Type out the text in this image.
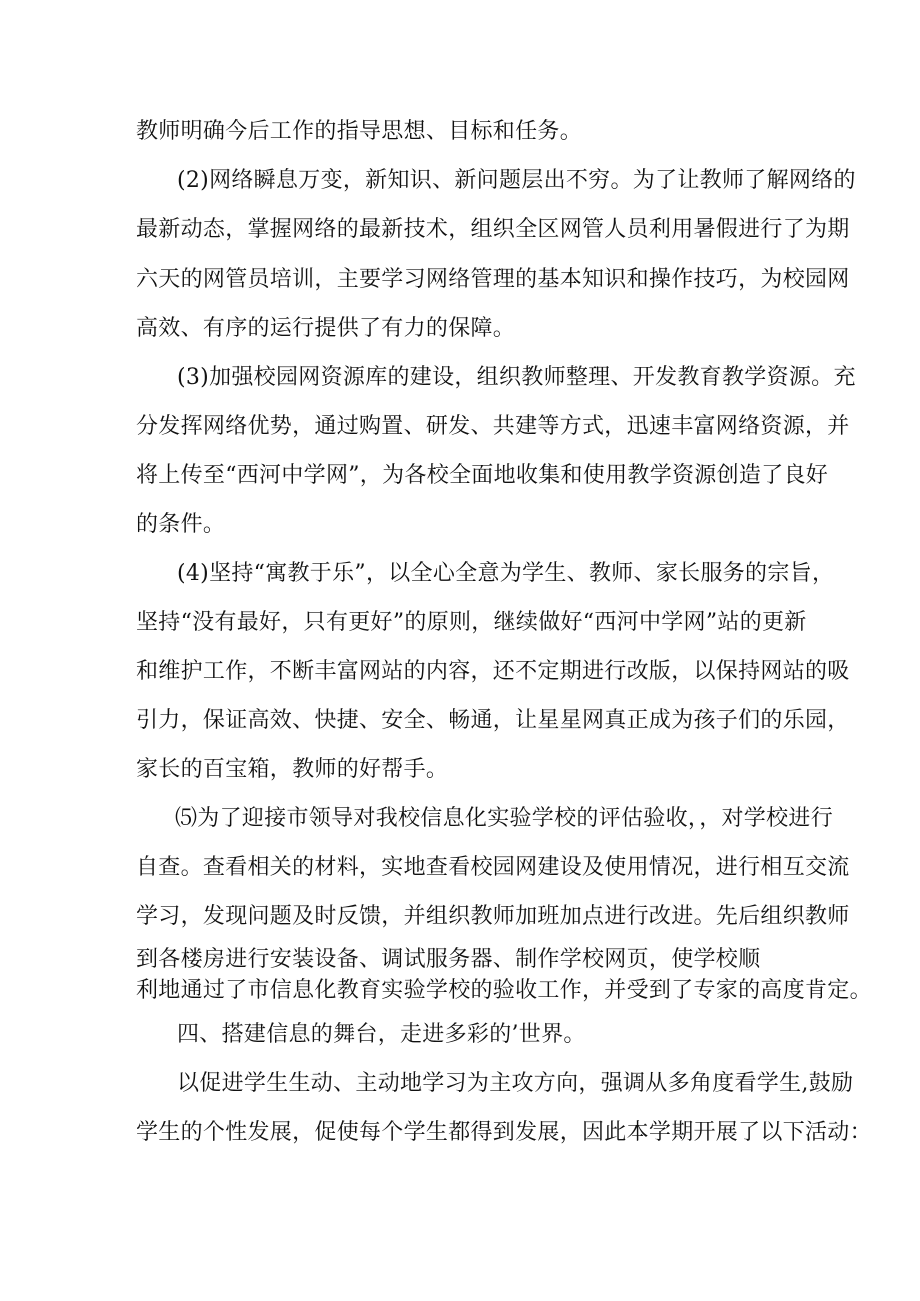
教师明确今后工作的指导思想、目标和任务。
(2)网络瞬息万变，新知识、新问题层出不穷。为了让教师了解网络的
最新动态，掌握网络的最新技术，组织全区网管人员利用暑假进行了为期
六天的网管员培训，主要学习网络管理的基本知识和操作技巧，为校园网
高效、有序的运行提供了有力的保障。
(3)加强校园网资源库的建设，组织教师整理、开发教育教学资源。充
分发挥网络优势，通过购置、研发、共建等方式，迅速丰富网络资源，并
将上传至“西河中学网”，为各校全面地收集和使用教学资源创造了良好
的条件。
(4)坚持“寓教于乐”，以全心全意为学生、教师、家长服务的宗旨，
坚持“没有最好，只有更好”的原则，继续做好“西河中学网”站的更新
和维护工作，不断丰富网站的内容，还不定期进行改版，以保持网站的吸
引力，保证高效、快捷、安全、畅通，让星星网真正成为孩子们的乐园，
家长的百宝箱，教师的好帮手。
⑸为了迎接市领导对我校信息化实验学校的评估验收，，对学校进行
自查。查看相关的材料，实地查看校园网建设及使用情况，进行相互交流
学习，发现问题及时反馈，并组织教师加班加点进行改进。先后组织教师
到各楼房进行安装设备、调试服务器、制作学校网页，使学校顺
利地通过了市信息化教育实验学校的验收工作，并受到了专家的高度肯定。
四、搭建信息的舞台，走进多彩的’世界。
以促进学生生动、主动地学习为主攻方向，强调从多角度看学生,鼓励
学生的个性发展，促使每个学生都得到发展，因此本学期开展了以下活动：
